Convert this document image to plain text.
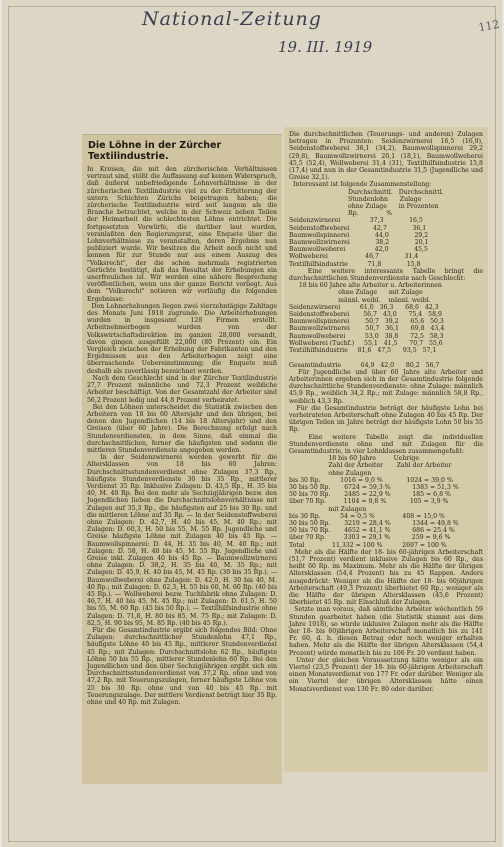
National-Zeitung
19. III. 1919
112
Die Löhne in der Zürcher Textilindustrie.
In Kreisen, die mit den zürcherischen Verhältnissen vertraut sind, stößt die Auffassung auf keinen Widerspruch, daß äußerst unbefriedigende Lohnverhältnisse in der zürcherischen Textilindustrie viel zu der Erbitterung der untern Schichten Zürichs beigetragen haben; die zürcherische Textilindustrie wird seit langem als die Branche betrachtet, welche in der Schweiz neben Teilen der Heimarbeit die schlechtesten Löhne entrichtet. Die fortgesetzten Vorwürfe, die darüber laut wurden, veranlaßten den Regierungsrat, eine Enquete über die Lohnverhältnisse zu veranstalten, deren Ergebnis nun publiziert wurde. Wir besitzen die Arbeit noch nicht und kennen für zur Stunde nur aus einem Auszug des "Volksrecht", der die schon mehrmals registrierten Gerüchte bestätigt, daß das Resultat der Erhebungen ein unerfreuliches ist. Wir werden eine nähere Besprechung veröffentlichen, wenn uns der ganze Bericht vorliegt. Aus dem "Volksrecht" notieren wir vorläufig die folgenden Ergebnisse:
Den Lohnerhebungen liegen zwei vierzehntägige Zahltage des Monats Juni 1918 zugrunde. Die Arbeiterhebungen wurden in insgesamt 128 Firmen erstellt. Arbeitnehmerbogen wurden von der Volkswirtschaftsdirektion im ganzen 28,000 versandt, davon gingen ausgefüllt 22,000 (80 Prozent) ein. Ein Vergleich zwischen der Erhebung der Fabrikanten und den Ergebnissen aus den Arbeiterbogen zeigt eine überraschende Uebereinstimmung; die Enquete muß deshalb als zuverlässig bezeichnet werden.
Nach dem Geschlecht sind in der Zürcher Textilindustrie 27,7 Prozent männliche und 72,3 Prozent weibliche Arbeiter beschäftigt. Von der Gesamtzahl der Arbeiter sind 56,2 Prozent ledig und 44,8 Prozent verheiratet.
Bei den Löhnen unterscheidet die Statistik zwischen den Arbeitern von 18 bis 60 Altersjahr und den übrigen, bei denen den Jugendlichen (14 bis 18 Altersjahr) und den Greisen (über 60 Jahre). Die Berechnung erfolgt nach Stundenverdiensten, in dem Sinne, daß einmal die durchschnittlichen, ferner die häufigsten und sodann die mittleren Stundenverdienste angegeben werden.
In der Seidenzwirnerei werden gewerbt für die Altersklassen von 18 bis 60 Jahren: Durchschnittsstundenverdienst ohne Zulagen 37,3 Rp., häufigste Stundenverdienste 30 bis 35 Rp., mittlerer Verdienst 35 Rp. Inklusive Zulagen: D. 43,5 Rp., H. 35 bis 40, M. 40 Rp. Bei den mehr als Sechzigjährigen bezw. den Jugendlichen lieben die Durchschnittslohnverhältnisse mit Zulagen auf 35,3 Rp., die häufigsten auf 25 bis 30 Rp. und die mittleren Löhne auf 35 Rp. — In der Seidenstoffweberei ohne Zulagen: D. 42,7, H. 40 bis 45, M. 40 Rp.; mit Zulagen: D. 60,3, H. 50 bis 55, M. 55 Rp. Jugendliche und Greise häufigste Löhne mit Zulagen 40 bis 45 Rp. — Baumwollspinnerei: D. 44, H. 35 bis 40, M. 40 Rp.; mit Zulagen: D. 58, H. 40 bis 45, M. 55 Rp. Jugendliche und Greise inkl. Zulagen 40 bis 45 Rp. — Baumwollzwirnerei ohne Zulagen: D. 38,2, H. 35 bis 40, M. 35 Rp.; mit Zulagen: D. 45,9, H. 40 bis 45, M. 45 Rp. (30 bis 35 Rp.). — Baumwollweberei ohne Zulagen: D. 42,0, H. 30 bis 40, M. 40 Rp.; mit Zulagen: D. 62,3, H. 55 bis 60, M. 60 Rp. (40 bis 45 Rp.). — Wollweberei bezw. Tuchfabrik ohne Zulagen: D. 46,7, H. 40 bis 45, M. 45 Rp.; mit Zulagen: D. 61,5, H. 50 bis 55, M. 60 Rp. (45 bis 50 Rp.). — Textilhilfsindustrie ohne Zulagen: D. 71,8, H. 80 bis 85, M. 75 Rp.; mit Zulagen: D. 82,5, H. 90 bis 95, M. 85 Rp. (40 bis 45 Rp.).
Für die Gesamtindustrie ergibt sich folgendes Bild: Ohne Zulagen: durchschnittlicher Stundenlohn 47,1 Rp., häufigste Löhne 40 bis 45 Rp., mittlerer Stundenverdienst 45 Rp.; mit Zulagen: Durchschnittslohn 62 Rp., häufigste Löhne 50 bis 55 Rp., mittlerer Stundenlohn 60 Rp. Bei den Jugendlichen und den über Sechzigjährigen ergibt sich ein Durchschnittsstundenverdienst von 37,2 Rp. ohne und von 47,2 Rp. mit Teuerungszulagen, ferner häufigste Löhne von 25 bis 30 Rp. ohne und von 40 bis 45 Rp. mit Teuerungszulage. Der mittlere Verdienst beträgt hier 35 Rp. ohne und 40 Rp. mit Zulagen.
Die durchschnittlichen (Teuerungs- und anderen) Zulagen betragen in Prozenten: Seidenzwirnerei 16,5 (16,9), Seidenstoffweberei 36,1 (34,2), Baumwollspinnerei 29,2 (29,8), Baumwollzwirnerei 20,1 (18,1), Baumwollweberei 45,5 (52,4), Wollweberei 31,4 (31), Textilhilfsindustrie 15,8 (17,4) und nun in der Gesamtindustrie 31,5 (Jugendliche und Greise 32,1).
Interessant ist folgende Zusammenstellung:
Durchschnittl.   Durchschnittl.
Stundenlohn      Zulage
ohne Zulage      in Prozenten
Rp.              %
Seidenzwirnerei               37,3             16,5
Seidenstoffweberei            42,7             36,1
Baumwollspinnerei             44,0             29,2
Baumwollzwirnerei             38,2             20,1
Baumwollweberei               42,0             45,5
Wollweberei                   46,7             31,4
Textilhilfsindustrie          71,8             15,8
Eine weitere interessante Tabelle bringt die durchschnittlichen Stundenverdienste nach Geschlecht:
18 bis 60 Jahre alte Arbeiter u. Arbeiterinnen
ohne Zulage      mit Zulage
männl. weibl.    männl. weibl.
Seidenzwirnerei          61,0   36,3      68,6   42,3
Seidenstoffweberei       56,7   43,0      75,4   58,9
Baumwollspinnerei        50,7   39,2      65,6   50,3
Baumwollzwirnerei        50,7   36,1      69,8   43,4
Baumwollweberei          53,0   38,8      72,5   58,3
Wollweberei (Tuchf.)     55,1   41,5      70,7   55,6
Textilhilfsindustrie     81,6   47,5      93,5   57,1

Gesamtindustrie          64,9   42,0      80,2   56,7
Für Jugendliche und über 60 Jahre alte Arbeiter und Arbeiterinnen ergeben sich in der Gesamtindustrie folgende durchschnittliche Stundenverdienste: ohne Zulage: männlich 45,9 Rp., weiblich 34,2 Rp.; mit Zulage: männlich 58,8 Rp., weiblich 43,3 Rp.
Für die Gesamtindustrie beträgt der häufigste Lohn bei verheirateten Arbeiterschaft ohne Zulagen 40 bis 45 Rp. Der übrigen Teilen im Jahre beträgt der häufigste Lohn 50 bis 55 Rp.
Eine weitere Tabelle zeigt die individuellen Stundenverdienste ohne und mit Zulagen für die Gesamtindustrie, in vier Lohnklassen zusammengefaßt:
18 bis 60 Jahre         Uebrige
Zahl der Arbeiter       Zahl der Arbeiter
ohne Zulagen
bis 30 Rp.          1016 = 9,0 %            1024 = 39,0 %
30 bis 50 Rp.       6724 = 59,3 %           1383 = 51,3 %
50 bis 70 Rp.       2485 = 22,9 %           185 = 6,8 %
über 70 Rp.         1104 = 9,8 %            105 = 3,9 %
mit Zulagen
bis 30 Rp.          54 = 0,5 %              408 = 15,0 %
30 bis 50 Rp.       3219 = 28,4 %           1344 = 49,8 %
50 bis 70 Rp.       4652 = 41,1 %           686 = 25,4 %
über 70 Rp.         3303 = 29,1 %           259 = 9,6 %
Total              11,332 = 100 %          2697 = 100 %
Mehr als die Hälfte der 18- bis 60-jährigen Arbeiterschaft (51,7 Prozent) verdient inklusive Zulagen bis 60 Rp., das heißt 60 Rp. im Maximum. Mehr als die Hälfte der übrigen Altersklassen (54,4 Prozent) bis zu 45 Rappen. Anders ausgedrückt: Weniger als die Hälfte der 18- bis 60jährigen Arbeiterschaft (49,3 Prozent) überbietet 60 Rp.; weniger als die Hälfte der übrigen Altersklassen (45,6 Prozent) überbietet 45 Rp. mit Einschluß der Zulagen.
Setzte man voraus, daß sämtliche Arbeiter wöchentlich 59 Stunden gearbeitet haben (die Statistik stammt aus dem Jahre 1918), so würde inklusive Zulagen mehr als die Hälfte der 18- bis 60jährigen Arbeiterschaft monatlich bis zu 141 Fr. 60, d. h. diesen Betrag oder noch weniger erhalten haben. Mehr als die Hälfte der übrigen Altersklassen (54,4 Prozent) würde monatlich bis zu 106 Fr. 20 verdient haben.
Unter der gleichen Voraussetzung hätte weniger als ein Viertel (23,5 Prozent) der 18- bis 60-jährigen Arbeiterschaft einen Monatsverdienst von 177 Fr. oder darüber. Weniger als ein Viertel der übrigen Altersklassen hätte einen Monatsverdienst von 130 Fr. 80 oder darüber.
